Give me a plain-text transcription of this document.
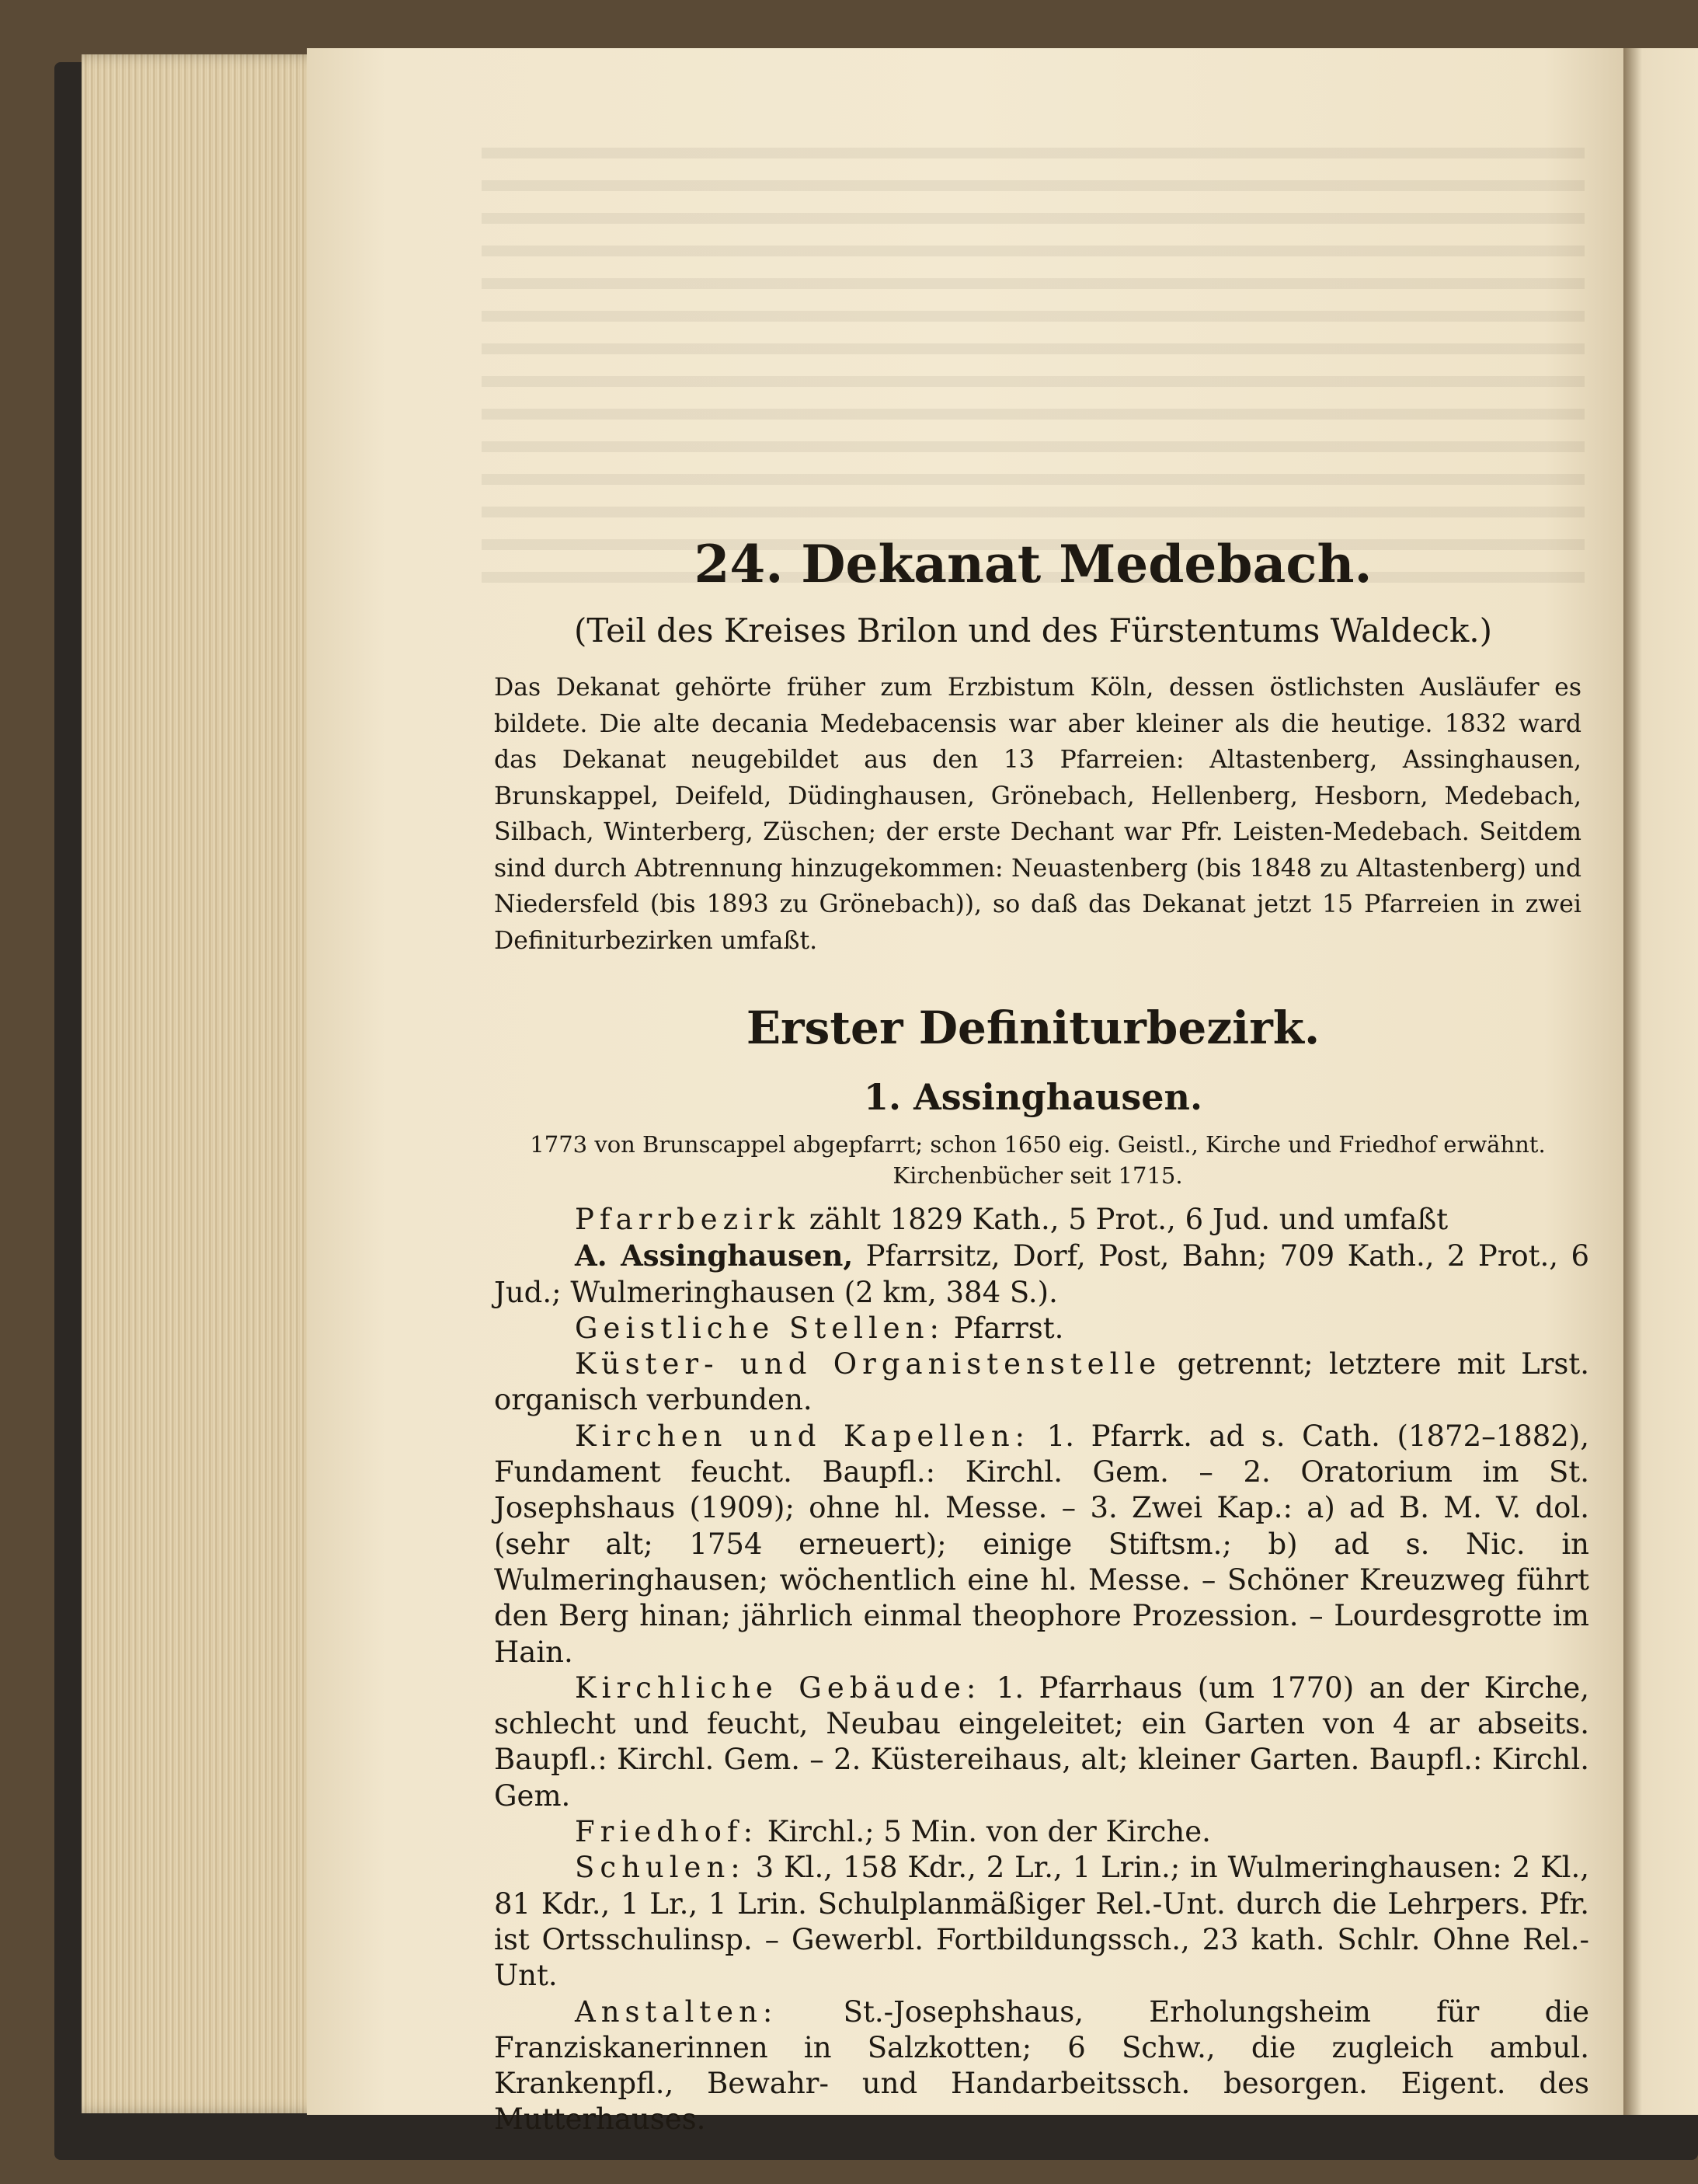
24. Dekanat Medebach.
(Teil des Kreises Brilon und des Fürstentums Waldeck.)
Das Dekanat gehörte früher zum Erzbistum Köln, dessen östlichsten Ausläufer es bildete. Die alte decania Medebacensis war aber kleiner als die heutige. 1832 ward das Dekanat neugebildet aus den 13 Pfarreien: Altastenberg, Assinghausen, Brunskappel, Deifeld, Düdinghausen, Grönebach, Hellenberg, Hesborn, Medebach, Silbach, Winterberg, Züschen; der erste Dechant war Pfr. Leisten-Medebach. Seitdem sind durch Abtrennung hinzugekommen: Neuastenberg (bis 1848 zu Altastenberg) und Niedersfeld (bis 1893 zu Grönebach)), so daß das Dekanat jetzt 15 Pfarreien in zwei Definiturbezirken umfaßt.
Erster Definiturbezirk.
1. Assinghausen.
1773 von Brunscappel abgepfarrt; schon 1650 eig. Geistl., Kirche und Friedhof erwähnt. Kirchenbücher seit 1715.

Pfarrbezirk zählt 1829 Kath., 5 Prot., 6 Jud. und umfaßt

A. Assinghausen, Pfarrsitz, Dorf, Post, Bahn; 709 Kath., 2 Prot., 6 Jud.; Wulmeringhausen (2 km, 384 S.).

Geistliche Stellen: Pfarrst.

Küster- und Organistenstelle getrennt; letztere mit Lrst. organisch verbunden.

Kirchen und Kapellen: 1. Pfarrk. ad s. Cath. (1872–1882), Fundament feucht. Baupfl.: Kirchl. Gem. – 2. Oratorium im St. Josephshaus (1909); ohne hl. Messe. – 3. Zwei Kap.: a) ad B. M. V. dol. (sehr alt; 1754 erneuert); einige Stiftsm.; b) ad s. Nic. in Wulmeringhausen; wöchentlich eine hl. Messe. – Schöner Kreuzweg führt den Berg hinan; jährlich einmal theophore Prozession. – Lourdesgrotte im Hain.

Kirchliche Gebäude: 1. Pfarrhaus (um 1770) an der Kirche, schlecht und feucht, Neubau eingeleitet; ein Garten von 4 ar abseits. Baupfl.: Kirchl. Gem. – 2. Küstereihaus, alt; kleiner Garten. Baupfl.: Kirchl. Gem.

Friedhof: Kirchl.; 5 Min. von der Kirche.

Schulen: 3 Kl., 158 Kdr., 2 Lr., 1 Lrin.; in Wulmeringhausen: 2 Kl., 81 Kdr., 1 Lr., 1 Lrin. Schulplanmäßiger Rel.-Unt. durch die Lehrpers. Pfr. ist Ortsschulinsp. – Gewerbl. Fortbildungssch., 23 kath. Schlr. Ohne Rel.-Unt.

Anstalten: St.-Josephshaus, Erholungsheim für die Franziskanerinnen in Salzkotten; 6 Schw., die zugleich ambul. Krankenpfl., Bewahr- und Handarbeitssch. besorgen. Eigent. des Mutterhauses.
